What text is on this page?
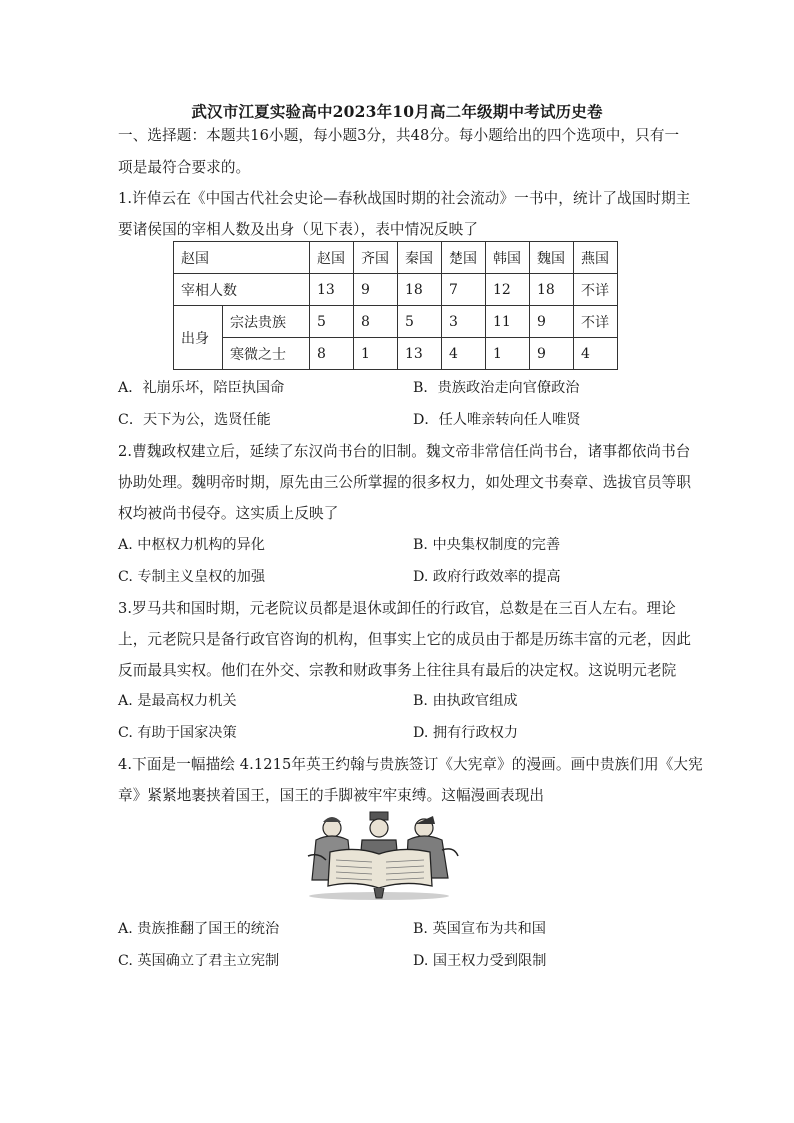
武汉市江夏实验高中2023年10月高二年级期中考试历史卷
一、选择题：本题共16小题，每小题3分，共48分。每小题给出的四个选项中，只有一
项是最符合要求的。
1.许倬云在《中国古代社会史论—春秋战国时期的社会流动》一书中，统计了战国时期主
要诸侯国的宰相人数及出身（见下表），表中情况反映了
赵国		赵国	齐国	秦国	楚国	韩国	魏国	燕国
宰相人数		13	9	18	7	12	18	不详
出身	宗法贵族	5	8	5	3	11	9	不详
	寒微之士	8	1	13	4	1	9	4
A．礼崩乐坏，陪臣执国命	B．贵族政治走向官僚政治
C．天下为公，选贤任能	D．任人唯亲转向任人唯贤
2.曹魏政权建立后，延续了东汉尚书台的旧制。魏文帝非常信任尚书台，诸事都依尚书台
协助处理。魏明帝时期，原先由三公所掌握的很多权力，如处理文书奏章、选拔官员等职
权均被尚书侵夺。这实质上反映了
A. 中枢权力机构的异化	B. 中央集权制度的完善
C. 专制主义皇权的加强	D. 政府行政效率的提高
3.罗马共和国时期，元老院议员都是退休或卸任的行政官，总数是在三百人左右。理论
上，元老院只是备行政官咨询的机构，但事实上它的成员由于都是历练丰富的元老，因此
反而最具实权。他们在外交、宗教和财政事务上往往具有最后的决定权。这说明元老院
A. 是最高权力机关	B. 由执政官组成
C. 有助于国家决策	D. 拥有行政权力
4.下面是一幅描绘 4.1215年英王约翰与贵族签订《大宪章》的漫画。画中贵族们用《大宪
章》紧紧地裹挟着国王，国王的手脚被牢牢束缚。这幅漫画表现出
A. 贵族推翻了国王的统治	B. 英国宣布为共和国
C. 英国确立了君主立宪制	D. 国王权力受到限制
